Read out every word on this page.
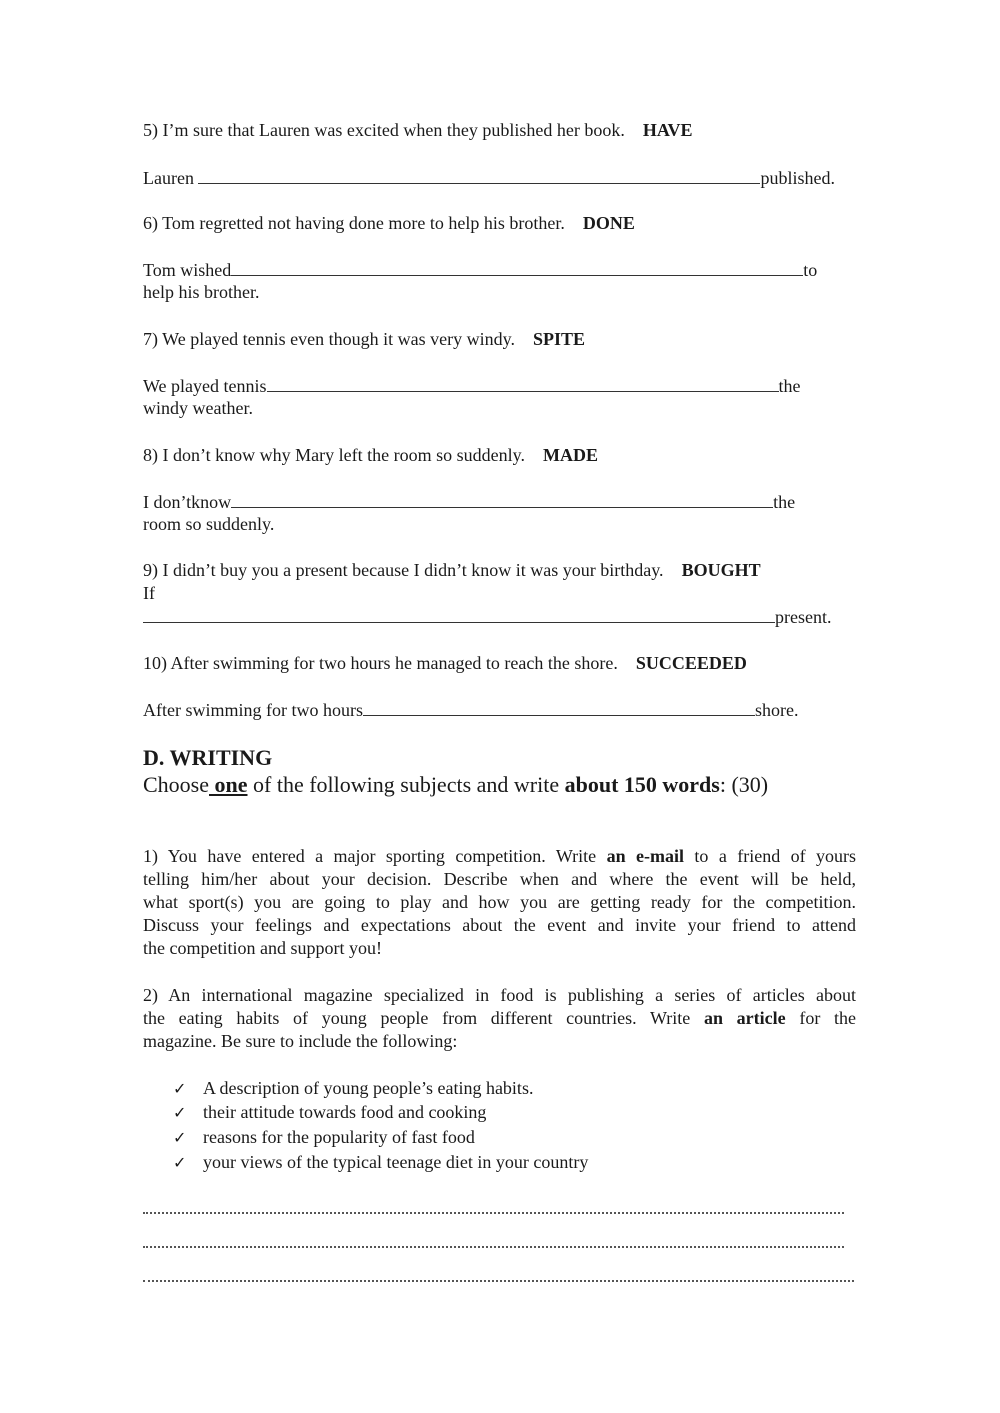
5) I’m sure that Lauren was excited when they published her book. HAVE
Lauren	published.
6) Tom regretted not having done more to help his brother. DONE
Tom wished	to
help his brother.
7) We played tennis even though it was very windy. SPITE
We played tennis	the
windy weather.
8) I don’t know why Mary left the room so suddenly. MADE
I don’tknow	the
room so suddenly.
9) I didn’t buy you a present because I didn’t know it was your birthday. BOUGHT
If
present.
10) After swimming for two hours he managed to reach the shore. SUCCEEDED
After swimming for two hours	shore.
D. WRITING
Choose one of the following subjects and write about 150 words: (30)
1) You have entered a major sporting competition. Write an e-mail to a friend of yours
telling him/her about your decision. Describe when and where the event will be held,
what sport(s) you are going to play and how you are getting ready for the competition.
Discuss your feelings and expectations about the event and invite your friend to attend
the competition and support you!
2) An international magazine specialized in food is publishing a series of articles about
the eating habits of young people from different countries. Write an article for the
magazine. Be sure to include the following:
✓ A description of young people’s eating habits.
✓ their attitude towards food and cooking
✓ reasons for the popularity of fast food
✓ your views of the typical teenage diet in your country
